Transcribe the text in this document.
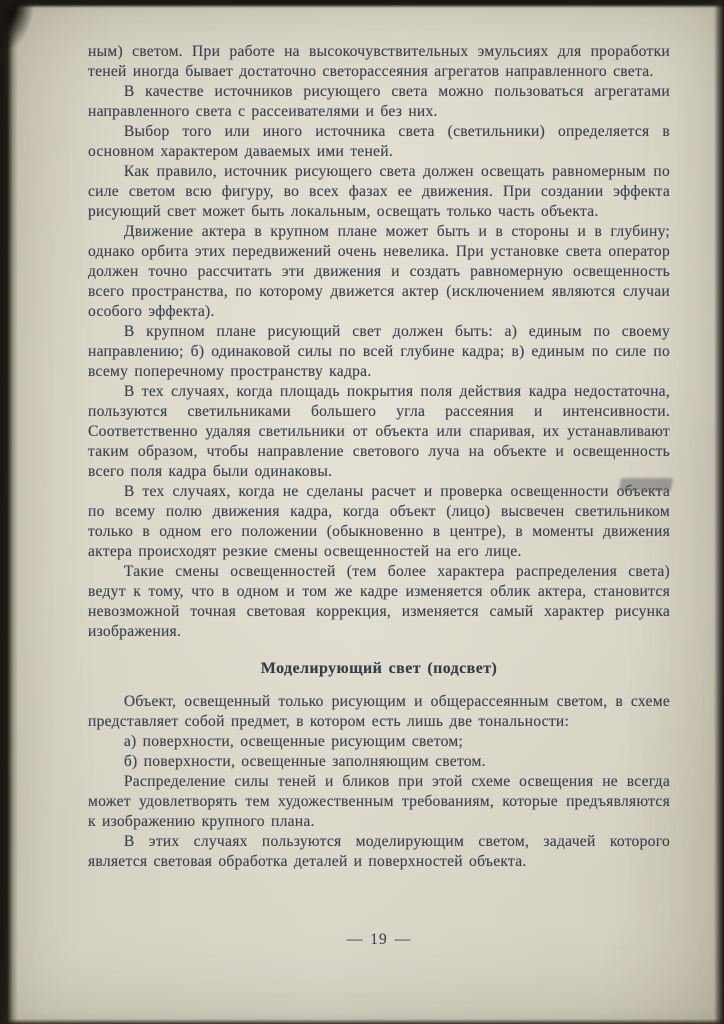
ным) светом. При работе на высокочувствительных эмульсиях для проработки теней иногда бывает достаточно светорассеяния агрегатов направленного света.

В качестве источников рисующего света можно пользоваться агрегатами направленного света с рассеивателями и без них.

Выбор того или иного источника света (светильники) определяется в основном характером даваемых ими теней.

Как правило, источник рисующего света должен освещать равномерным по силе светом всю фигуру, во всех фазах ее движения. При создании эффекта рисующий свет может быть локальным, освещать только часть объекта.

Движение актера в крупном плане может быть и в стороны и в глубину; однако орбита этих передвижений очень невелика. При установке света оператор должен точно рассчитать эти движения и создать равномерную освещенность всего пространства, по которому движется актер (исключением являются случаи особого эффекта).

В крупном плане рисующий свет должен быть: а) единым по своему направлению; б) одинаковой силы по всей глубине кадра; в) единым по силе по всему поперечному пространству кадра.

В тех случаях, когда площадь покрытия поля действия кадра недостаточна, пользуются светильниками большего угла рассеяния и интенсивности. Соответственно удаляя светильники от объекта или спаривая, их устанавливают таким образом, чтобы направление светового луча на объекте и освещенность всего поля кадра были одинаковы.

В тех случаях, когда не сделаны расчет и проверка освещенности объекта по всему полю движения кадра, когда объект (лицо) высвечен светильником только в одном его положении (обыкновенно в центре), в моменты движения актера происходят резкие смены освещенностей на его лице.

Такие смены освещенностей (тем более характера распределения света) ведут к тому, что в одном и том же кадре изменяется облик актера, становится невозможной точная световая коррекция, изменяется самый характер рисунка изображения.

Моделирующий свет (подсвет)

Объект, освещенный только рисующим и общерассеянным светом, в схеме представляет собой предмет, в котором есть лишь две тональности:

а) поверхности, освещенные рисующим светом;

б) поверхности, освещенные заполняющим светом.

Распределение силы теней и бликов при этой схеме освещения не всегда может удовлетворять тем художественным требованиям, которые предъявляются к изображению крупного плана.

В этих случаях пользуются моделирующим светом, задачей которого является световая обработка деталей и поверхностей объекта.

— 19 —
